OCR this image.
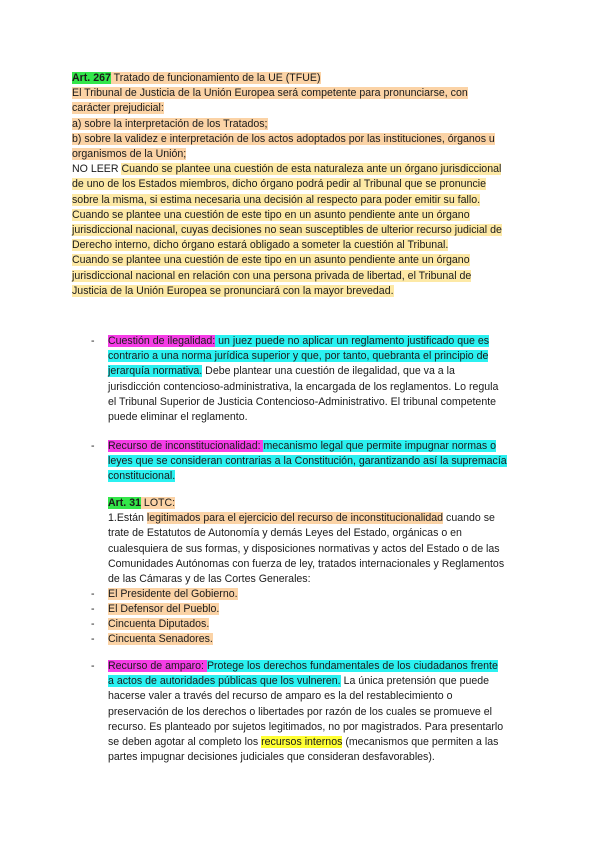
Art. 267 Tratado de funcionamiento de la UE (TFUE)

El Tribunal de Justicia de la Unión Europea será competente para pronunciarse, con

carácter prejudicial:

a) sobre la interpretación de los Tratados;

b) sobre la validez e interpretación de los actos adoptados por las instituciones, órganos u

organismos de la Unión;

NO LEER Cuando se plantee una cuestión de esta naturaleza ante un órgano jurisdiccional

de uno de los Estados miembros, dicho órgano podrá pedir al Tribunal que se pronuncie

sobre la misma, si estima necesaria una decisión al respecto para poder emitir su fallo.

Cuando se plantee una cuestión de este tipo en un asunto pendiente ante un órgano

jurisdiccional nacional, cuyas decisiones no sean susceptibles de ulterior recurso judicial de

Derecho interno, dicho órgano estará obligado a someter la cuestión al Tribunal.

Cuando se plantee una cuestión de este tipo en un asunto pendiente ante un órgano

jurisdiccional nacional en relación con una persona privada de libertad, el Tribunal de

Justicia de la Unión Europea se pronunciará con la mayor brevedad.

-	Cuestión de ilegalidad: un juez puede no aplicar un reglamento justificado que es

contrario a una norma jurídica superior y que, por tanto, quebranta el principio de

jerarquía normativa. Debe plantear una cuestión de ilegalidad, que va a la

jurisdicción contencioso-administrativa, la encargada de los reglamentos. Lo regula

el Tribunal Superior de Justicia Contencioso-Administrativo. El tribunal competente

puede eliminar el reglamento.

-	Recurso de inconstitucionalidad: mecanismo legal que permite impugnar normas o

leyes que se consideran contrarias a la Constitución, garantizando así la supremacía

constitucional.

Art. 31 LOTC:

1.Están legitimados para el ejercicio del recurso de inconstitucionalidad cuando se

trate de Estatutos de Autonomía y demás Leyes del Estado, orgánicas o en

cualesquiera de sus formas, y disposiciones normativas y actos del Estado o de las

Comunidades Autónomas con fuerza de ley, tratados internacionales y Reglamentos

de las Cámaras y de las Cortes Generales:

-	El Presidente del Gobierno.
-	El Defensor del Pueblo.
-	Cincuenta Diputados.
-	Cincuenta Senadores.
-	Recurso de amparo: Protege los derechos fundamentales de los ciudadanos frente

a actos de autoridades públicas que los vulneren. La única pretensión que puede

hacerse valer a través del recurso de amparo es la del restablecimiento o

preservación de los derechos o libertades por razón de los cuales se promueve el

recurso. Es planteado por sujetos legitimados, no por magistrados. Para presentarlo

se deben agotar al completo los recursos internos (mecanismos que permiten a las

partes impugnar decisiones judiciales que consideran desfavorables).
